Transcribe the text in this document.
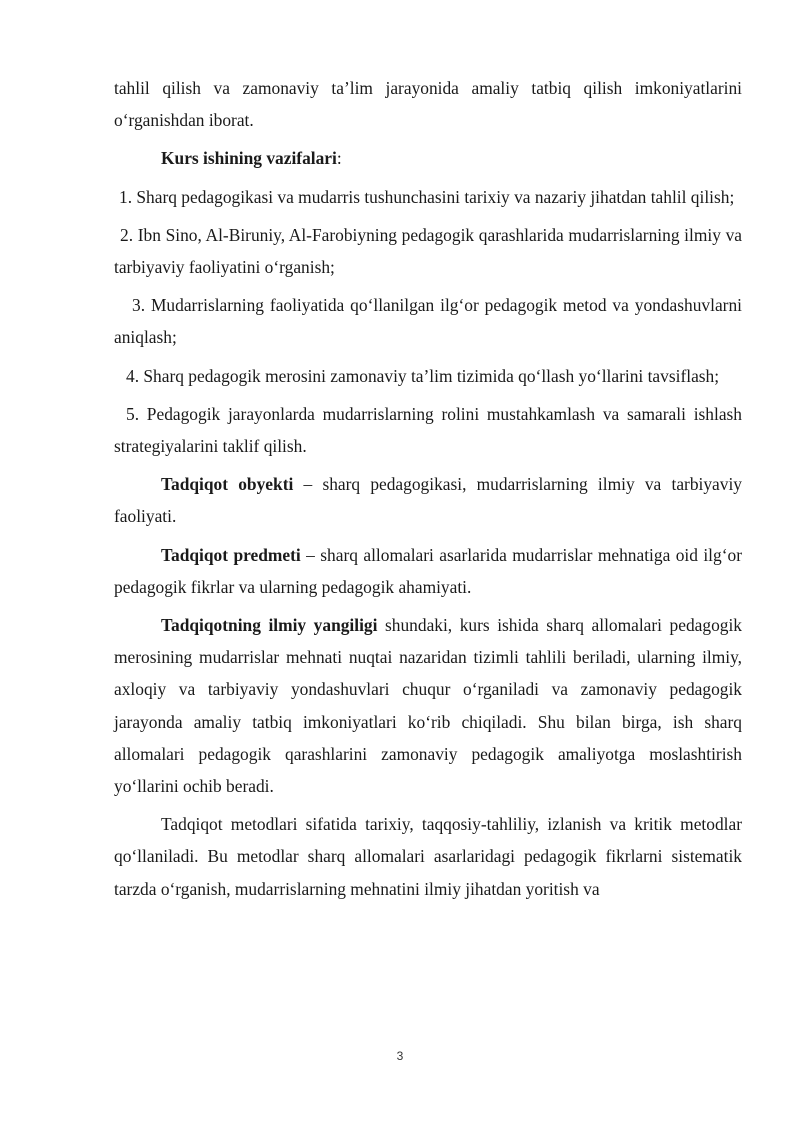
tahlil qilish va zamonaviy ta’lim jarayonida amaliy tatbiq qilish imkoniyatlarini o‘rganishdan iborat.

Kurs ishining vazifalari:

1. Sharq pedagogikasi va mudarris tushunchasini tarixiy va nazariy jihatdan tahlil qilish;

2. Ibn Sino, Al-Biruniy, Al-Farobiyning pedagogik qarashlarida mudarrislarning ilmiy va tarbiyaviy faoliyatini o‘rganish;

3. Mudarrislarning faoliyatida qo‘llanilgan ilg‘or pedagogik metod va yondashuvlarni aniqlash;

4. Sharq pedagogik merosini zamonaviy ta’lim tizimida qo‘llash yo‘llarini tavsiflash;

5. Pedagogik jarayonlarda mudarrislarning rolini mustahkamlash va samarali ishlash strategiyalarini taklif qilish.

Tadqiqot obyekti – sharq pedagogikasi, mudarrislarning ilmiy va tarbiyaviy faoliyati.

Tadqiqot predmeti – sharq allomalari asarlarida mudarrislar mehnatiga oid ilg‘or pedagogik fikrlar va ularning pedagogik ahamiyati.

Tadqiqotning ilmiy yangiligi shundaki, kurs ishida sharq allomalari pedagogik merosining mudarrislar mehnati nuqtai nazaridan tizimli tahlili beriladi, ularning ilmiy, axloqiy va tarbiyaviy yondashuvlari chuqur o‘rganiladi va zamonaviy pedagogik jarayonda amaliy tatbiq imkoniyatlari ko‘rib chiqiladi. Shu bilan birga, ish sharq allomalari pedagogik qarashlarini zamonaviy pedagogik amaliyotga moslashtirish yo‘llarini ochib beradi.

Tadqiqot metodlari sifatida tarixiy, taqqosiy-tahliliy, izlanish va kritik metodlar qo‘llaniladi. Bu metodlar sharq allomalari asarlaridagi pedagogik fikrlarni sistematik tarzda o‘rganish, mudarrislarning mehnatini ilmiy jihatdan yoritish va

3
